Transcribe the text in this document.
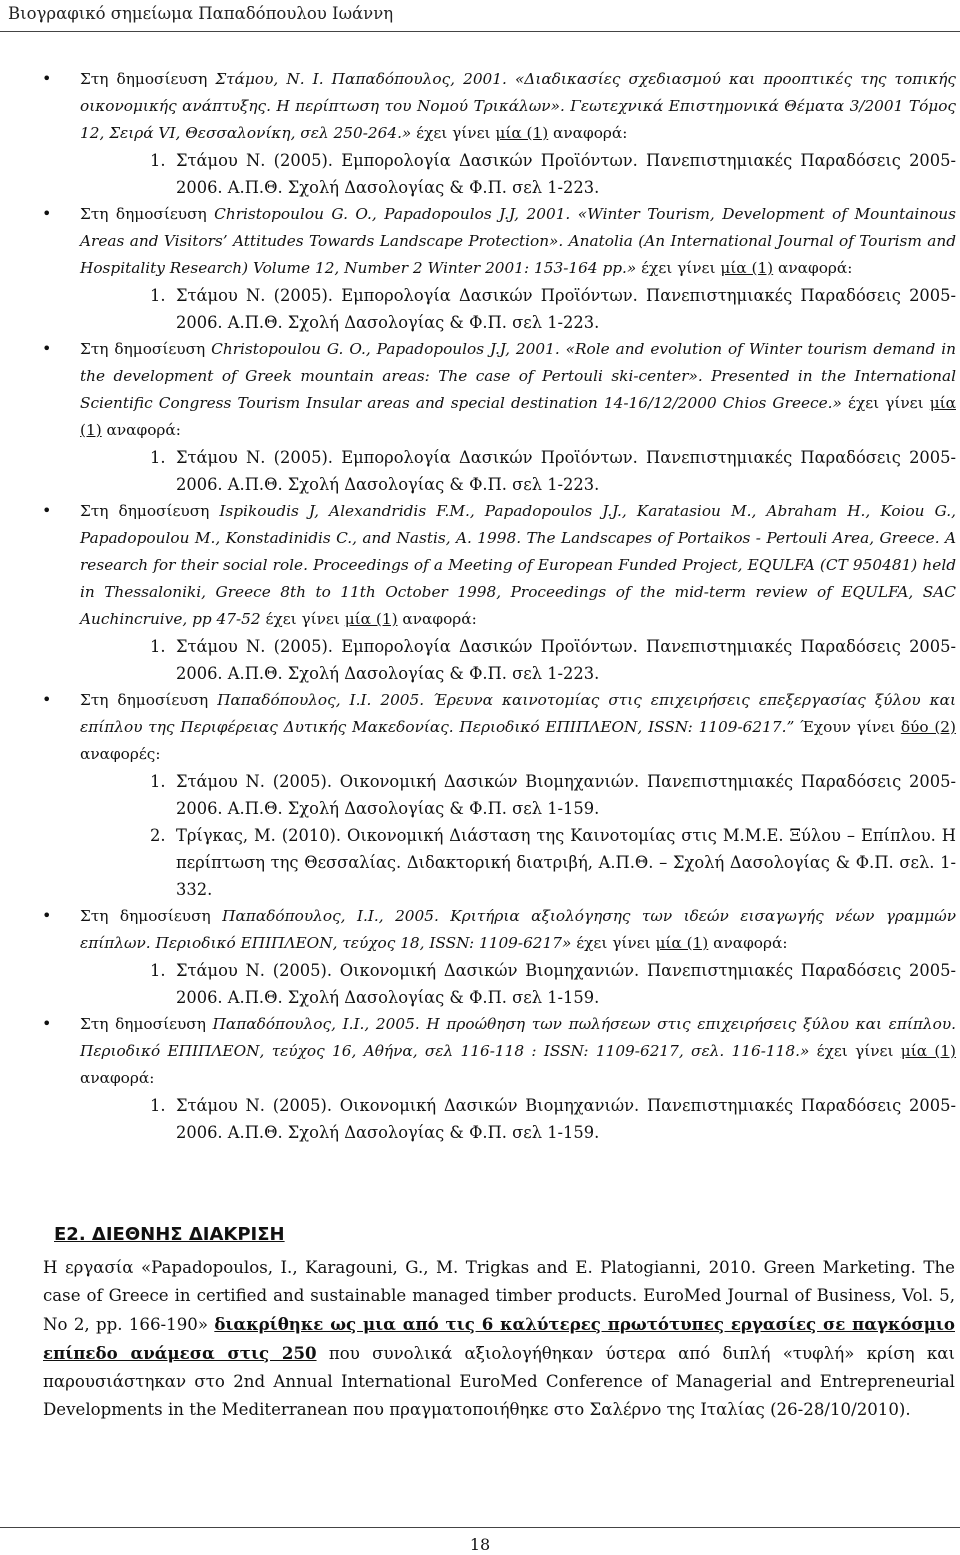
Βιογραφικό σημείωμα Παπαδόπουλου Ιωάννη

• Στη δημοσίευση Στάμου, Ν. Ι. Παπαδόπουλος, 2001. «Διαδικασίες σχεδιασμού και προοπτικές της τοπικής οικονομικής ανάπτυξης. Η περίπτωση του Νομού Τρικάλων». Γεωτεχνικά Επιστημονικά Θέματα 3/2001 Τόμος 12, Σειρά VI, Θεσσαλονίκη, σελ 250-264.» έχει γίνει μία (1) αναφορά:

1. Στάμου Ν. (2005). Εμπορολογία Δασικών Προϊόντων. Πανεπιστημιακές Παραδόσεις 2005-2006. Α.Π.Θ. Σχολή Δασολογίας & Φ.Π. σελ 1-223.

• Στη δημοσίευση Christopoulou G. O., Papadopoulos J.J, 2001. «Winter Tourism, Development of Mountainous Areas and Visitors’ Attitudes Towards Landscape Protection». Anatolia (An International Journal of Tourism and Hospitality Research) Volume 12, Number 2 Winter 2001: 153-164 pp.» έχει γίνει μία (1) αναφορά:

1. Στάμου Ν. (2005). Εμπορολογία Δασικών Προϊόντων. Πανεπιστημιακές Παραδόσεις 2005-2006. Α.Π.Θ. Σχολή Δασολογίας & Φ.Π. σελ 1-223.

• Στη δημοσίευση Christopoulou G. O., Papadopoulos J.J, 2001. «Role and evolution of Winter tourism demand in the development of Greek mountain areas: The case of Pertouli ski-center». Presented in the International Scientific Congress Tourism Insular areas and special destination 14-16/12/2000 Chios Greece.» έχει γίνει μία (1) αναφορά:

1. Στάμου Ν. (2005). Εμπορολογία Δασικών Προϊόντων. Πανεπιστημιακές Παραδόσεις 2005-2006. Α.Π.Θ. Σχολή Δασολογίας & Φ.Π. σελ 1-223.

• Στη δημοσίευση Ispikoudis J, Alexandridis F.M., Papadopoulos J.J., Karatasiou M., Abraham H., Koiou G., Papadopoulou M., Konstadinidis C., and Nastis, A. 1998. The Landscapes of Portaikos - Pertouli Area, Greece. A research for their social role. Proceedings of a Meeting of European Funded Project, EQULFA (CT 950481) held in Thessaloniki, Greece 8th to 11th October 1998, Proceedings of the mid-term review of EQULFA, SAC Auchincruive, pp 47-52 έχει γίνει μία (1) αναφορά:

1. Στάμου Ν. (2005). Εμπορολογία Δασικών Προϊόντων. Πανεπιστημιακές Παραδόσεις 2005-2006. Α.Π.Θ. Σχολή Δασολογίας & Φ.Π. σελ 1-223.

• Στη δημοσίευση Παπαδόπουλος, Ι.Ι. 2005. Έρευνα καινοτομίας στις επιχειρήσεις επεξεργασίας ξύλου και επίπλου της Περιφέρειας Δυτικής Μακεδονίας. Περιοδικό ΕΠΙΠΛΕΟΝ, ISSN: 1109-6217.” Έχουν γίνει δύο (2) αναφορές:

1. Στάμου Ν. (2005). Οικονομική Δασικών Βιομηχανιών. Πανεπιστημιακές Παραδόσεις 2005-2006. Α.Π.Θ. Σχολή Δασολογίας & Φ.Π. σελ 1-159.
2. Τρίγκας, Μ. (2010). Οικονομική Διάσταση της Καινοτομίας στις Μ.Μ.Ε. Ξύλου – Επίπλου. Η περίπτωση της Θεσσαλίας. Διδακτορική διατριβή, Α.Π.Θ. – Σχολή Δασολογίας & Φ.Π. σελ. 1-332.

• Στη δημοσίευση Παπαδόπουλος, Ι.Ι., 2005. Κριτήρια αξιολόγησης των ιδεών εισαγωγής νέων γραμμών επίπλων. Περιοδικό ΕΠΙΠΛΕΟΝ, τεύχος 18, ISSN: 1109-6217» έχει γίνει μία (1) αναφορά:

1. Στάμου Ν. (2005). Οικονομική Δασικών Βιομηχανιών. Πανεπιστημιακές Παραδόσεις 2005-2006. Α.Π.Θ. Σχολή Δασολογίας & Φ.Π. σελ 1-159.

• Στη δημοσίευση Παπαδόπουλος, Ι.Ι., 2005. Η προώθηση των πωλήσεων στις επιχειρήσεις ξύλου και επίπλου. Περιοδικό ΕΠΙΠΛΕΟΝ, τεύχος 16, Αθήνα, σελ 116-118 : ISSN: 1109-6217, σελ. 116-118.» έχει γίνει μία (1) αναφορά:

1. Στάμου Ν. (2005). Οικονομική Δασικών Βιομηχανιών. Πανεπιστημιακές Παραδόσεις 2005-2006. Α.Π.Θ. Σχολή Δασολογίας & Φ.Π. σελ 1-159.
Ε2. ΔΙΕΘΝΗΣ ΔΙΑΚΡΙΣΗ

Η εργασία «Papadopoulos, I., Karagouni, G., M. Trigkas and E. Platogianni, 2010. Green Marketing. The case of Greece in certified and sustainable managed timber products. EuroMed Journal of Business, Vol. 5, No 2, pp. 166-190» διακρίθηκε ως μια από τις 6 καλύτερες πρωτότυπες εργασίες σε παγκόσμιο επίπεδο ανάμεσα στις 250 που συνολικά αξιολογήθηκαν ύστερα από διπλή «τυφλή» κρίση και παρουσιάστηκαν στο 2nd Annual International EuroMed Conference of Managerial and Entrepreneurial Developments in the Mediterranean που πραγματοποιήθηκε στο Σαλέρνο της Ιταλίας (26-28/10/2010).

18
